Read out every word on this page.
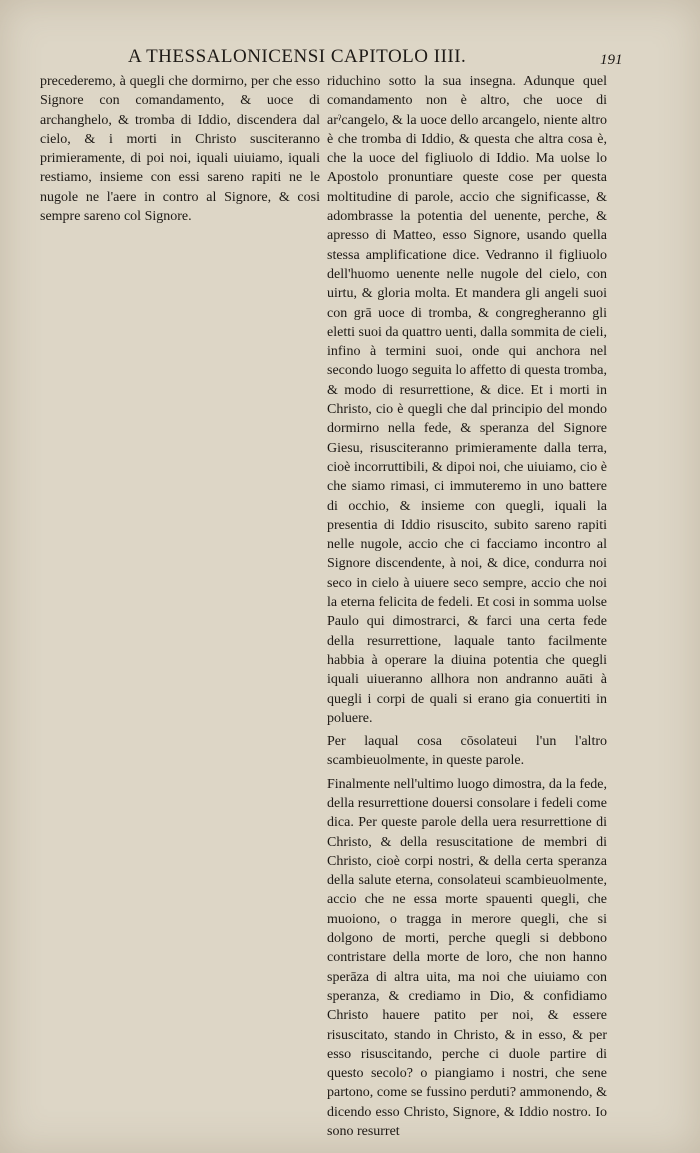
A THESSALONICENSI CAPITOLO IIII.	191

precederemo, à quegli che dormirno, per che esso Signore con comandamento, & uoce di archanghelo, & tromba di Iddio, discendera dal cielo, & i morti in Christo susciteranno primieramente, di poi noi, iquali uiuiamo, iquali restiamo, insieme con essi sareno rapiti ne le nugole ne l'aere in contro al Signore, & cosi sempre sareno col Signore.

riduchino sotto la sua insegna. Adunque quel comandamento non è altro, che uoce di arˀcangelo, & la uoce dello arcangelo, niente altro è che tromba di Iddio, & questa che altra cosa è, che la uoce del figliuolo di Iddio. Ma uolse lo Apostolo pronuntiare queste cose per questa moltitudine di parole, accio che significasse, & adombrasse la potentia del uenente, perche, & apresso di Matteo, esso Signore, usando quella stessa amplificatione dice. Vedranno il figliuolo dell'huomo uenente nelle nugole del cielo, con uirtu, & gloria molta. Et mandera gli angeli suoi con grā uoce di tromba, & congregheranno gli eletti suoi da quattro uenti, dalla sommita de cieli, infino à termini suoi, onde qui anchora nel secondo luogo seguita lo affetto di questa tromba, & modo di resurrettione, & dice. Et i morti in Christo, cio è quegli che dal principio del mondo dormirno nella fede, & speranza del Signore Giesu, risusciteranno primieramente dalla terra, cioè incorruttibili, & dipoi noi, che uiuiamo, cio è che siamo rimasi, ci immuteremo in uno battere di occhio, & insieme con quegli, iquali la presentia di Iddio risuscito, subito sareno rapiti nelle nugole, accio che ci facciamo incontro al Signore discendente, à noi, & dice, condurra noi seco in cielo à uiuere seco sempre, accio che noi la eterna felicita de fedeli. Et cosi in somma uolse Paulo qui dimostrarci, & farci una certa fede della resurrettione, laquale tanto facilmente habbia à operare la diuina potentia che quegli iquali uiueranno allhora non andranno auāti à quegli i corpi de quali si erano gia conuertiti in poluere.

Per laqual cosa cōsolateui l'un l'altro scambieuolmente, in queste parole.

Finalmente nell'ultimo luogo dimostra, da la fede, della resurrettione douersi consolare i fedeli come dica. Per queste parole della uera resurrettione di Christo, & della resuscitatione de membri di Christo, cioè corpi nostri, & della certa speranza della salute eterna, consolateui scambieuolmente, accio che ne essa morte spauenti quegli, che muoiono, o tragga in merore quegli, che si dolgono de morti, perche quegli si debbono contristare della morte de loro, che non hanno sperāza di altra uita, ma noi che uiuiamo con speranza, & crediamo in Dio, & confidiamo Christo hauere patito per noi, & essere risuscitato, stando in Christo, & in esso, & per esso risuscitando, perche ci duole partire di questo secolo? o piangiamo i nostri, che sene partono, come se fussino perduti? ammonendo, & dicendo esso Christo, Signore, & Iddio nostro. Io sono resurret
